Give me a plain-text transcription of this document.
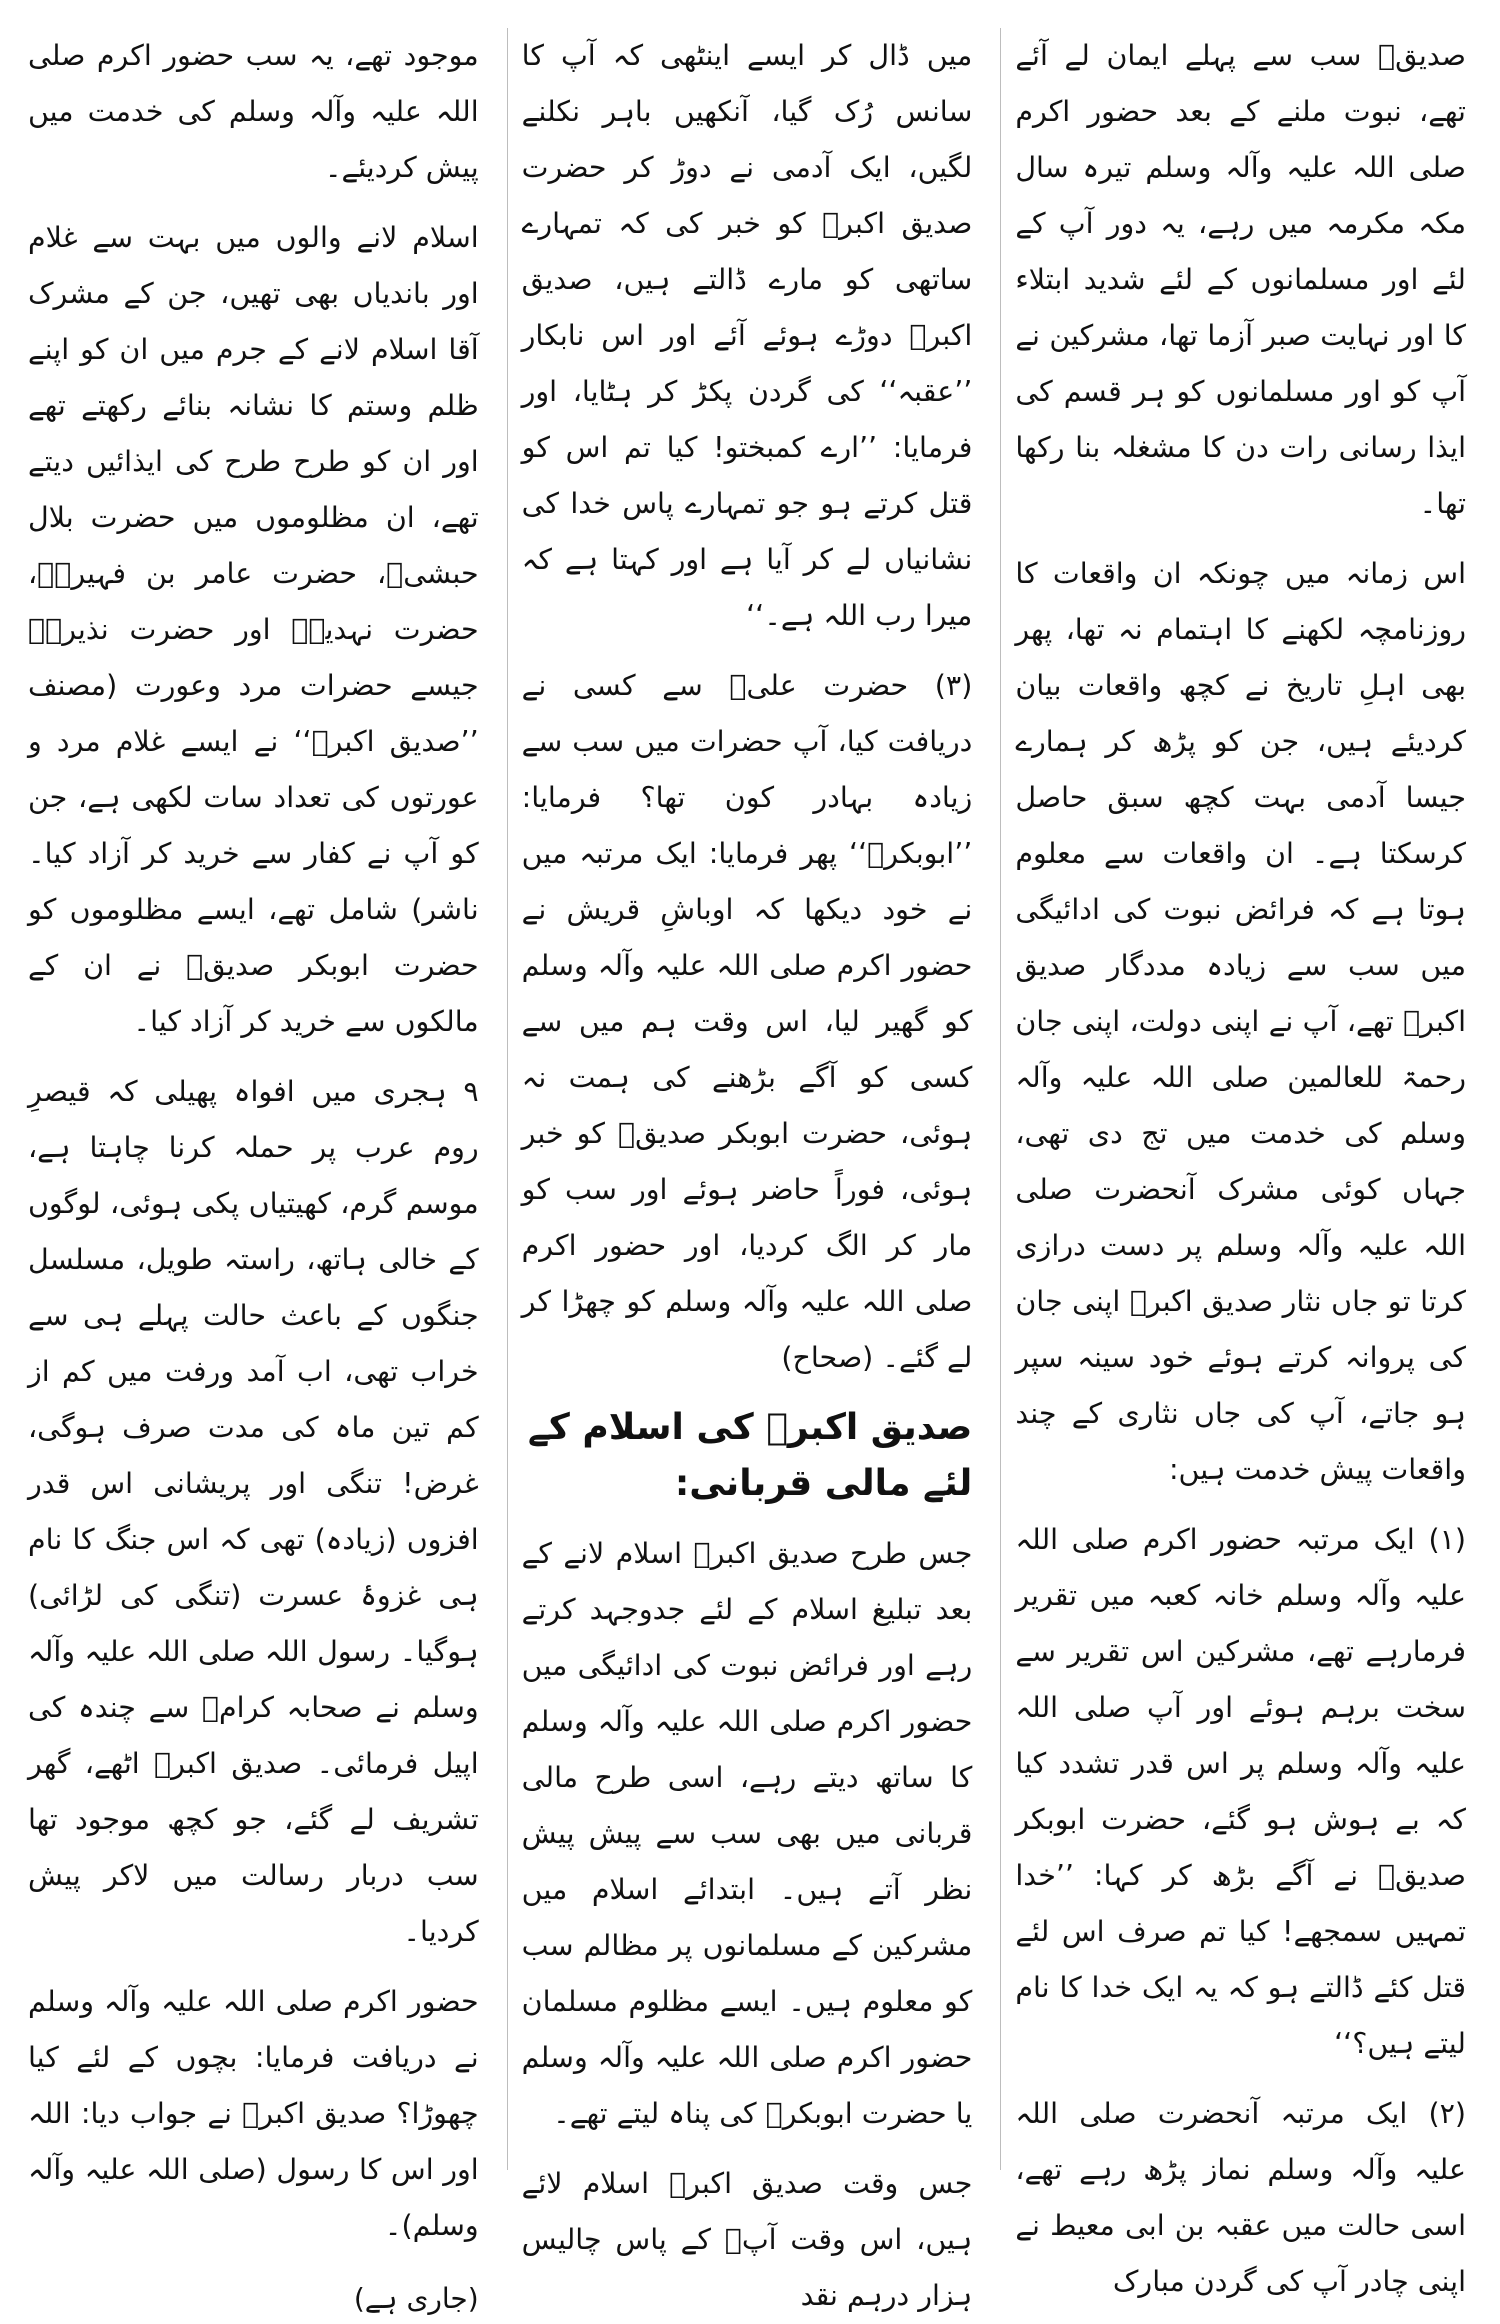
صدیقؓ سب سے پہلے ایمان لے آئے تھے، نبوت ملنے کے بعد حضور اکرم صلی اللہ علیہ وآلہ وسلم تیرہ سال مکہ مکرمہ میں رہے، یہ دور آپ کے لئے اور مسلمانوں کے لئے شدید ابتلاء کا اور نہایت صبر آزما تھا، مشرکین نے آپ کو اور مسلمانوں کو ہر قسم کی ایذا رسانی رات دن کا مشغلہ بنا رکھا تھا۔

اس زمانہ میں چونکہ ان واقعات کا روزنامچہ لکھنے کا اہتمام نہ تھا، پھر بھی اہلِ تاریخ نے کچھ واقعات بیان کردیئے ہیں، جن کو پڑھ کر ہمارے جیسا آدمی بہت کچھ سبق حاصل کرسکتا ہے۔ ان واقعات سے معلوم ہوتا ہے کہ فرائض نبوت کی ادائیگی میں سب سے زیادہ مددگار صدیق اکبرؓ تھے، آپ نے اپنی دولت، اپنی جان رحمۃ للعالمین صلی اللہ علیہ وآلہ وسلم کی خدمت میں تج دی تھی، جہاں کوئی مشرک آنحضرت صلی اللہ علیہ وآلہ وسلم پر دست درازی کرتا تو جاں نثار صدیق اکبرؓ اپنی جان کی پروانہ کرتے ہوئے خود سینہ سپر ہو جاتے، آپ کی جاں نثاری کے چند واقعات پیش خدمت ہیں:

(۱) ایک مرتبہ حضور اکرم صلی اللہ علیہ وآلہ وسلم خانہ کعبہ میں تقریر فرمارہے تھے، مشرکین اس تقریر سے سخت برہم ہوئے اور آپ صلی اللہ علیہ وآلہ وسلم پر اس قدر تشدد کیا کہ بے ہوش ہو گئے، حضرت ابوبکر صدیقؓ نے آگے بڑھ کر کہا: ’’خدا تمہیں سمجھے! کیا تم صرف اس لئے قتل کئے ڈالتے ہو کہ یہ ایک خدا کا نام لیتے ہیں؟‘‘

(۲) ایک مرتبہ آنحضرت صلی اللہ علیہ وآلہ وسلم نماز پڑھ رہے تھے، اسی حالت میں عقبہ بن ابی معیط نے اپنی چادر آپ کی گردن مبارک

میں ڈال کر ایسے اینٹھی کہ آپ کا سانس رُک گیا، آنکھیں باہر نکلنے لگیں، ایک آدمی نے دوڑ کر حضرت صدیق اکبرؓ کو خبر کی کہ تمہارے ساتھی کو مارے ڈالتے ہیں، صدیق اکبرؓ دوڑے ہوئے آئے اور اس نابکار ’’عقبہ‘‘ کی گردن پکڑ کر ہٹایا، اور فرمایا: ’’ارے کمبختو! کیا تم اس کو قتل کرتے ہو جو تمہارے پاس خدا کی نشانیاں لے کر آیا ہے اور کہتا ہے کہ میرا رب اللہ ہے۔‘‘

(۳) حضرت علیؓ سے کسی نے دریافت کیا، آپ حضرات میں سب سے زیادہ بہادر کون تھا؟ فرمایا: ’’ابوبکرؓ‘‘ پھر فرمایا: ایک مرتبہ میں نے خود دیکھا کہ اوباشِ قریش نے حضور اکرم صلی اللہ علیہ وآلہ وسلم کو گھیر لیا، اس وقت ہم میں سے کسی کو آگے بڑھنے کی ہمت نہ ہوئی، حضرت ابوبکر صدیقؓ کو خبر ہوئی، فوراً حاضر ہوئے اور سب کو مار کر الگ کردیا، اور حضور اکرم صلی اللہ علیہ وآلہ وسلم کو چھڑا کر لے گئے۔ (صحاح)

صدیق اکبرؓ کی اسلام کے لئے مالی قربانی:

جس طرح صدیق اکبرؓ اسلام لانے کے بعد تبلیغ اسلام کے لئے جدوجہد کرتے رہے اور فرائض نبوت کی ادائیگی میں حضور اکرم صلی اللہ علیہ وآلہ وسلم کا ساتھ دیتے رہے، اسی طرح مالی قربانی میں بھی سب سے پیش پیش نظر آتے ہیں۔ ابتدائے اسلام میں مشرکین کے مسلمانوں پر مظالم سب کو معلوم ہیں۔ ایسے مظلوم مسلمان حضور اکرم صلی اللہ علیہ وآلہ وسلم یا حضرت ابوبکرؓ کی پناہ لیتے تھے۔

جس وقت صدیق اکبرؓ اسلام لائے ہیں، اس وقت آپؓ کے پاس چالیس ہزار درہم نقد

موجود تھے، یہ سب حضور اکرم صلی اللہ علیہ وآلہ وسلم کی خدمت میں پیش کردیئے۔

اسلام لانے والوں میں بہت سے غلام اور باندیاں بھی تھیں، جن کے مشرک آقا اسلام لانے کے جرم میں ان کو اپنے ظلم وستم کا نشانہ بنائے رکھتے تھے اور ان کو طرح طرح کی ایذائیں دیتے تھے، ان مظلوموں میں حضرت بلال حبشیؓ، حضرت عامر بن فہیرہؓ، حضرت نہدیہؓ اور حضرت نذیرہؓ جیسے حضرات مرد وعورت (مصنف ’’صدیق اکبرؓ‘‘ نے ایسے غلام مرد و عورتوں کی تعداد سات لکھی ہے، جن کو آپ نے کفار سے خرید کر آزاد کیا۔ ناشر) شامل تھے، ایسے مظلوموں کو حضرت ابوبکر صدیقؓ نے ان کے مالکوں سے خرید کر آزاد کیا۔

۹ ہجری میں افواہ پھیلی کہ قیصرِ روم عرب پر حملہ کرنا چاہتا ہے، موسم گرم، کھیتیاں پکی ہوئی، لوگوں کے خالی ہاتھ، راستہ طویل، مسلسل جنگوں کے باعث حالت پہلے ہی سے خراب تھی، اب آمد ورفت میں کم از کم تین ماہ کی مدت صرف ہوگی، غرض! تنگی اور پریشانی اس قدر افزوں (زیادہ) تھی کہ اس جنگ کا نام ہی غزوۂ عسرت (تنگی کی لڑائی) ہوگیا۔ رسول اللہ صلی اللہ علیہ وآلہ وسلم نے صحابہ کرامؓ سے چندہ کی اپیل فرمائی۔ صدیق اکبرؓ اٹھے، گھر تشریف لے گئے، جو کچھ موجود تھا سب دربار رسالت میں لاکر پیش کردیا۔

حضور اکرم صلی اللہ علیہ وآلہ وسلم نے دریافت فرمایا: بچوں کے لئے کیا چھوڑا؟ صدیق اکبرؓ نے جواب دیا: اللہ اور اس کا رسول (صلی اللہ علیہ وآلہ وسلم)۔

(جاری ہے)
